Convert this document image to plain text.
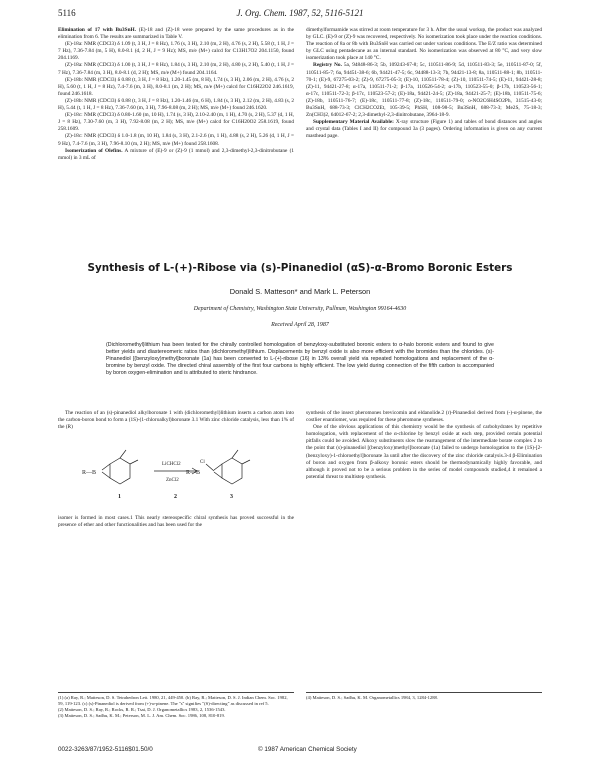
5116	J. Org. Chem. 1987, 52, 5116-5121

Elimination of 17 with Bu3SnH. (E)-18 and (Z)-18 were prepared by the same procedures as in the elimination from 6. The results are summarized in Table V.

(E)-18a: NMR (CDCl3) δ 1.09 (t, 3 H, J = 8 Hz), 1.76 (s, 3 H), 2.10 (m, 2 H), 4.76 (s, 2 H), 5.58 (t, 1 H, J = 7 Hz), 7.36-7.84 (m, 5 H), 8.0-8.1 (d, 2 H, J = 9 Hz); MS, m/e (M+) calcd for C13H17O2 204.1150, found 204.1169.

(Z)-18a: NMR (CDCl3) δ 1.00 (t, 3 H, J = 8 Hz), 1.84 (s, 3 H), 2.10 (m, 2 H), 4.80 (s, 2 H), 5.40 (t, 1 H, J = 7 Hz), 7.36-7.84 (m, 3 H), 8.0-8.1 (d, 2 H); MS, m/e (M+) found 204.1164.

(E)-18b: NMR (CDCl3) δ 0.88 (t, 3 H, J = 8 Hz), 1.20-1.45 (m, 8 H), 1.74 (s, 3 H), 2.06 (m, 2 H), 4.76 (s, 2 H), 5.60 (t, 1 H, J = 8 Hz), 7.4-7.6 (m, 3 H), 8.0-8.1 (m, 2 H); MS, m/e (M+) calcd for C16H22O2 246.1619, found 246.1618.

(Z)-18b: NMR (CDCl3) δ 0.88 (t, 3 H, J = 8 Hz), 1.20-1.46 (m, 6 H), 1.84 (s, 3 H), 2.12 (m, 2 H), 4.83 (s, 2 H), 5.44 (t, 1 H, J = 8 Hz), 7.36-7.60 (m, 3 H), 7.96-8.08 (m, 2 H); MS, m/e (M+) found 246.1620.

(E)-18c: NMR (CDCl3) δ 0.80-1.60 (m, 10 H), 1.74 (s, 3 H), 2.10-2.40 (m, 1 H), 4.70 (s, 2 H), 5.37 (d, 1 H, J = 8 Hz), 7.30-7.60 (m, 3 H), 7.92-8.08 (m, 2 H); MS, m/e (M+) calcd for C16H20O2 258.1619, found 258.1609.

(Z)-18c: NMR (CDCl3) δ 1.0-1.8 (m, 10 H), 1.84 (s, 3 H), 2.1-2.6 (m, 1 H), 4.88 (s, 2 H), 5.26 (d, 1 H, J = 9 Hz), 7.4-7.6 (m, 3 H), 7.96-8.10 (m, 2 H); MS, m/e (M+) found 258.1608.

Isomerization of Olefins. A mixture of (E)-9 or (Z)-9 (1 mmol) and 2,3-dimethyl-2,3-dinitrobutane (1 mmol) in 3 mL of

dimethylformamide was stirred at room temperature for 3 h. After the usual workup, the product was analyzed by GLC. (E)-9 or (Z)-9 was recovered, respectively. No isomerization took place under the reaction conditions. The reaction of 8a or 8b with Bu3SnH was carried out under various conditions. The E/Z ratio was determined by GLC using pentadecane as an internal standard. No isomerization was observed at 80 °C, and very slow isomerization took place at 140 °C.

Registry No. 5a, 94848-86-3; 5b, 109243-67-8; 5c, 110511-86-9; 5d, 110511-83-3; 5e, 110511-87-0; 5f, 110511-85-7; 6a, 94451-38-6; 6b, 94421-47-5; 6c, 94488-13-3; 7b, 94421-13-8; 8a, 110511-88-1; 8b, 110511-70-1; (E)-9, 67275-03-2; (Z)-9, 67275-05-3; (E)-10, 110511-78-4; (Z)-10, 110511-74-5; (E)-11, 94421-28-8; (Z)-11, 94421-27-8; α-17a, 110511-71-2; β-17a, 110526-54-2; α-17b, 110523-55-0; β-17b, 110523-56-1; α-17c, 110511-72-3; β-17c, 110523-57-2; (E)-18a, 94421-24-5; (Z)-18a, 94421-25-7; (E)-18b, 110511-75-6; (Z)-18b, 110511-76-7; (E)-18c, 110511-77-8; (Z)-18c, 110511-79-0; o-NO2C6H4SO2Ph, 31515-43-0; Bu3SnH, 688-73-3; ClCH2CO2Et, 105-39-5; PhSH, 108-98-5; Bu3SnH, 688-73-3; Me2S, 75-18-3; Zn(CH3)2, 64012-67-2; 2,3-dimethyl-2,3-dinitrobutane, 3964-18-9.

Supplementary Material Available: X-ray structure (Figure 1) and tables of bond distances and angles and crystal data (Tables I and II) for compound 3a (3 pages). Ordering information is given on any current masthead page.

Synthesis of L-(+)-Ribose via (s)-Pinanediol (αS)-α-Bromo Boronic Esters
Donald S. Matteson* and Mark L. Peterson
Department of Chemistry, Washington State University, Pullman, Washington 99164-4630
Received April 28, 1987
(Dichloromethyl)lithium has been tested for the chirally controlled homologation of benzyloxy-substituted boronic esters to α-halo boronic esters and found to give better yields and diastereomeric ratios than (dichloromethyl)lithium. Displacements by benzyl oxide is also more efficient with the bromides than the chlorides. (s)-Pinanediol [(benzyloxy)methyl]boronate (1a) has been converted to L-(+)-ribose (16) in 13% overall yield via repeated homologations and replacement of the α-bromine by benzyl oxide. The directed chiral assembly of the first four carbons is highly efficient. The low yield during connection of the fifth carbon is accompanied by boron oxygen-elimination and is attributed to steric hindrance.

The reaction of an (s)-pinanediol alkylboronate 1 with (dichloromethyl)lithium inserts a carbon atom into the carbon-boron bond to form a (1S)-(1-chloroalkyl)boronate 3.1 With zinc chloride catalysis, less than 1% of the (R)

R—B	R—B
LiCHCl2
ZnCl2
Cl
1	2	3

isomer is formed in most cases.1 This nearly stereospecific chiral synthesis has proved successful in the presence of ether and other functionalities and has been used for the

synthesis of the insect pheromones brevicomin and eldanolide.2 (r)-Pinanediol derived from (-)-α-pinene, the costlier enantiomer, was required for these pheromone syntheses.

One of the obvious applications of this chemistry would be the synthesis of carbohydrates by repetitive homologation, with replacement of the α-chlorine by benzyl oxide at each step, provided certain potential pitfalls could be avoided. Alkoxy substituents slow the rearrangement of the intermediate borate complex 2 to the point that (s)-pinanediol [(benzyloxy)methyl]boronate (1a) failed to undergo homologation to the (1S)-[2-(benzyloxy)-1-chloroethyl]boronate 3a until after the discovery of the zinc chloride catalysis.3-4 β-Elimination of boron and oxygen from β-alkoxy boronic esters should be thermodynamically highly favorable, and although it proved not to be a serious problem in the series of model compounds studied,4 it remained a potential threat to multistep synthesis.

(1) (a) Ray, R.; Matteson, D. S. Tetrahedron Lett. 1980, 21, 449-450. (b) Ray, R.; Matteson, D. S. J. Indian Chem. Soc. 1982, 59, 119-123. (c) (s)-Pinanediol is derived from (+)-α-pinene. The "s" signifies "(S)-directing" as discussed in ref 5.

(2) Matteson, D. S.; Ray, R.; Rocks, R. R.; Tsai, D. J. Organometallics 1983, 2, 1536-1543.

(3) Matteson, D. S.; Sadhu, K. M.; Peterson, M. L. J. Am. Chem. Soc. 1986, 108, 810-819.

(4) Matteson, D. S.; Sadhu, K. M. Organometallics 1984, 3, 1284-1288.

0022-3263/87/1952-5116$01.50/0	© 1987 American Chemical Society
